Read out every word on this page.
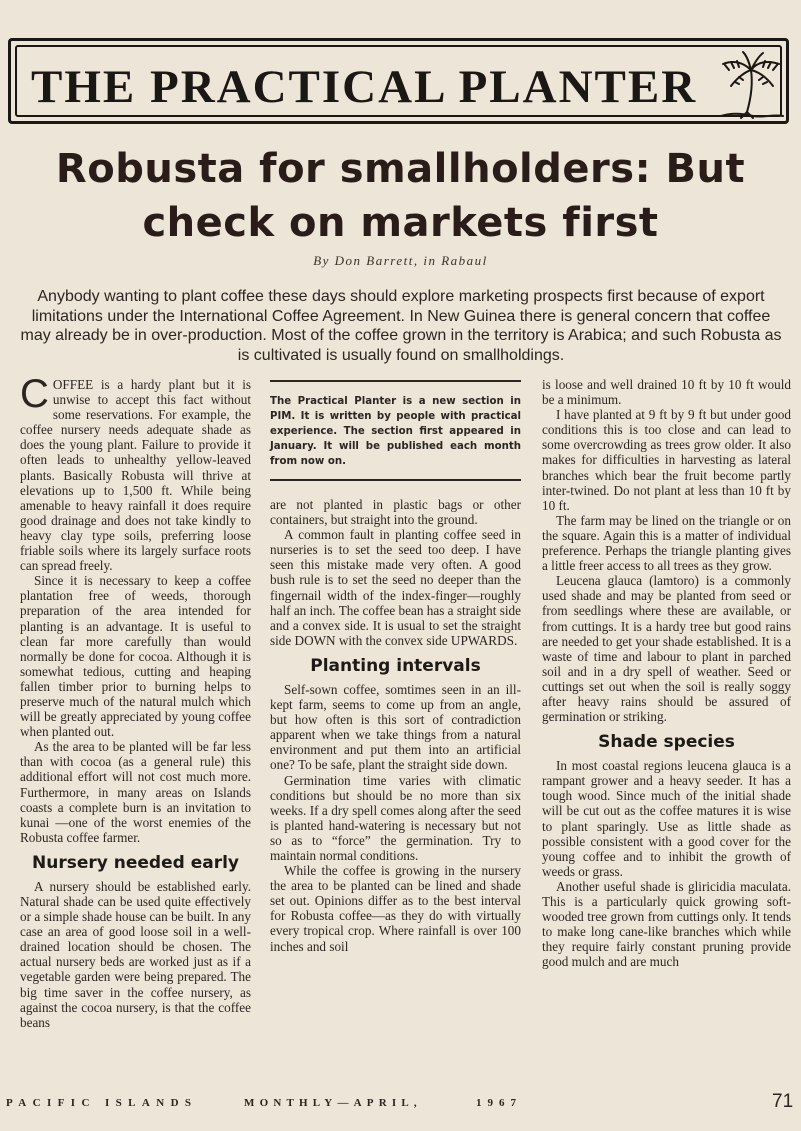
THE PRACTICAL PLANTER
Robusta for smallholders: But
check on markets first
By Don Barrett, in Rabaul
Anybody wanting to plant coffee these days should explore marketing prospects first because of export limitations under the International Coffee Agreement. In New Guinea there is general concern that coffee may already be in over-production. Most of the coffee grown in the territory is Arabica; and such Robusta as is cultivated is usually found on smallholdings.

COFFEE is a hardy plant but it is unwise to accept this fact without some reservations. For example, the coffee nursery needs adequate shade as does the young plant. Failure to provide it often leads to unhealthy yellow-leaved plants. Basically Robusta will thrive at elevations up to 1,500 ft. While being amenable to heavy rainfall it does require good drainage and does not take kindly to heavy clay type soils, preferring loose friable soils where its largely surface roots can spread freely.

Since it is necessary to keep a coffee plantation free of weeds, thorough preparation of the area intended for planting is an advantage. It is useful to clean far more carefully than would normally be done for cocoa. Although it is somewhat tedious, cutting and heaping fallen timber prior to burning helps to preserve much of the natural mulch which will be greatly appreciated by young coffee when planted out.

As the area to be planted will be far less than with cocoa (as a general rule) this additional effort will not cost much more. Furthermore, in many areas on Islands coasts a complete burn is an invitation to kunai —one of the worst enemies of the Robusta coffee farmer.

Nursery needed early

A nursery should be established early. Natural shade can be used quite effectively or a simple shade house can be built. In any case an area of good loose soil in a well-drained location should be chosen. The actual nursery beds are worked just as if a vegetable garden were being prepared. The big time saver in the coffee nursery, as against the cocoa nursery, is that the coffee beans

The Practical Planter is a new section in PIM. It is written by people with practical experience. The section first appeared in January. It will be published each month from now on.

are not planted in plastic bags or other containers, but straight into the ground.

A common fault in planting coffee seed in nurseries is to set the seed too deep. I have seen this mistake made very often. A good bush rule is to set the seed no deeper than the fingernail width of the index-finger—roughly half an inch. The coffee bean has a straight side and a convex side. It is usual to set the straight side DOWN with the convex side UPWARDS.

Planting intervals

Self-sown coffee, somtimes seen in an ill-kept farm, seems to come up from an angle, but how often is this sort of contradiction apparent when we take things from a natural environment and put them into an artificial one? To be safe, plant the straight side down.

Germination time varies with climatic conditions but should be no more than six weeks. If a dry spell comes along after the seed is planted hand-watering is necessary but not so as to “force” the germination. Try to maintain normal conditions.

While the coffee is growing in the nursery the area to be planted can be lined and shade set out. Opinions differ as to the best interval for Robusta coffee—as they do with virtually every tropical crop. Where rainfall is over 100 inches and soil

is loose and well drained 10 ft by 10 ft would be a minimum.

I have planted at 9 ft by 9 ft but under good conditions this is too close and can lead to some overcrowding as trees grow older. It also makes for difficulties in harvesting as lateral branches which bear the fruit become partly inter-twined. Do not plant at less than 10 ft by 10 ft.

The farm may be lined on the triangle or on the square. Again this is a matter of individual preference. Perhaps the triangle planting gives a little freer access to all trees as they grow.

Leucena glauca (lamtoro) is a commonly used shade and may be planted from seed or from seedlings where these are available, or from cuttings. It is a hardy tree but good rains are needed to get your shade established. It is a waste of time and labour to plant in parched soil and in a dry spell of weather. Seed or cuttings set out when the soil is really soggy after heavy rains should be assured of germination or striking.

Shade species

In most coastal regions leucena glauca is a rampant grower and a heavy seeder. It has a tough wood. Since much of the initial shade will be cut out as the coffee matures it is wise to plant sparingly. Use as little shade as possible consistent with a good cover for the young coffee and to inhibit the growth of weeds or grass.

Another useful shade is gliricidia maculata. This is a particularly quick growing soft-wooded tree grown from cuttings only. It tends to make long cane-like branches which while they require fairly constant pruning provide good mulch and are much

PACIFIC ISLANDS	MONTHLY—APRIL,	1967	71
